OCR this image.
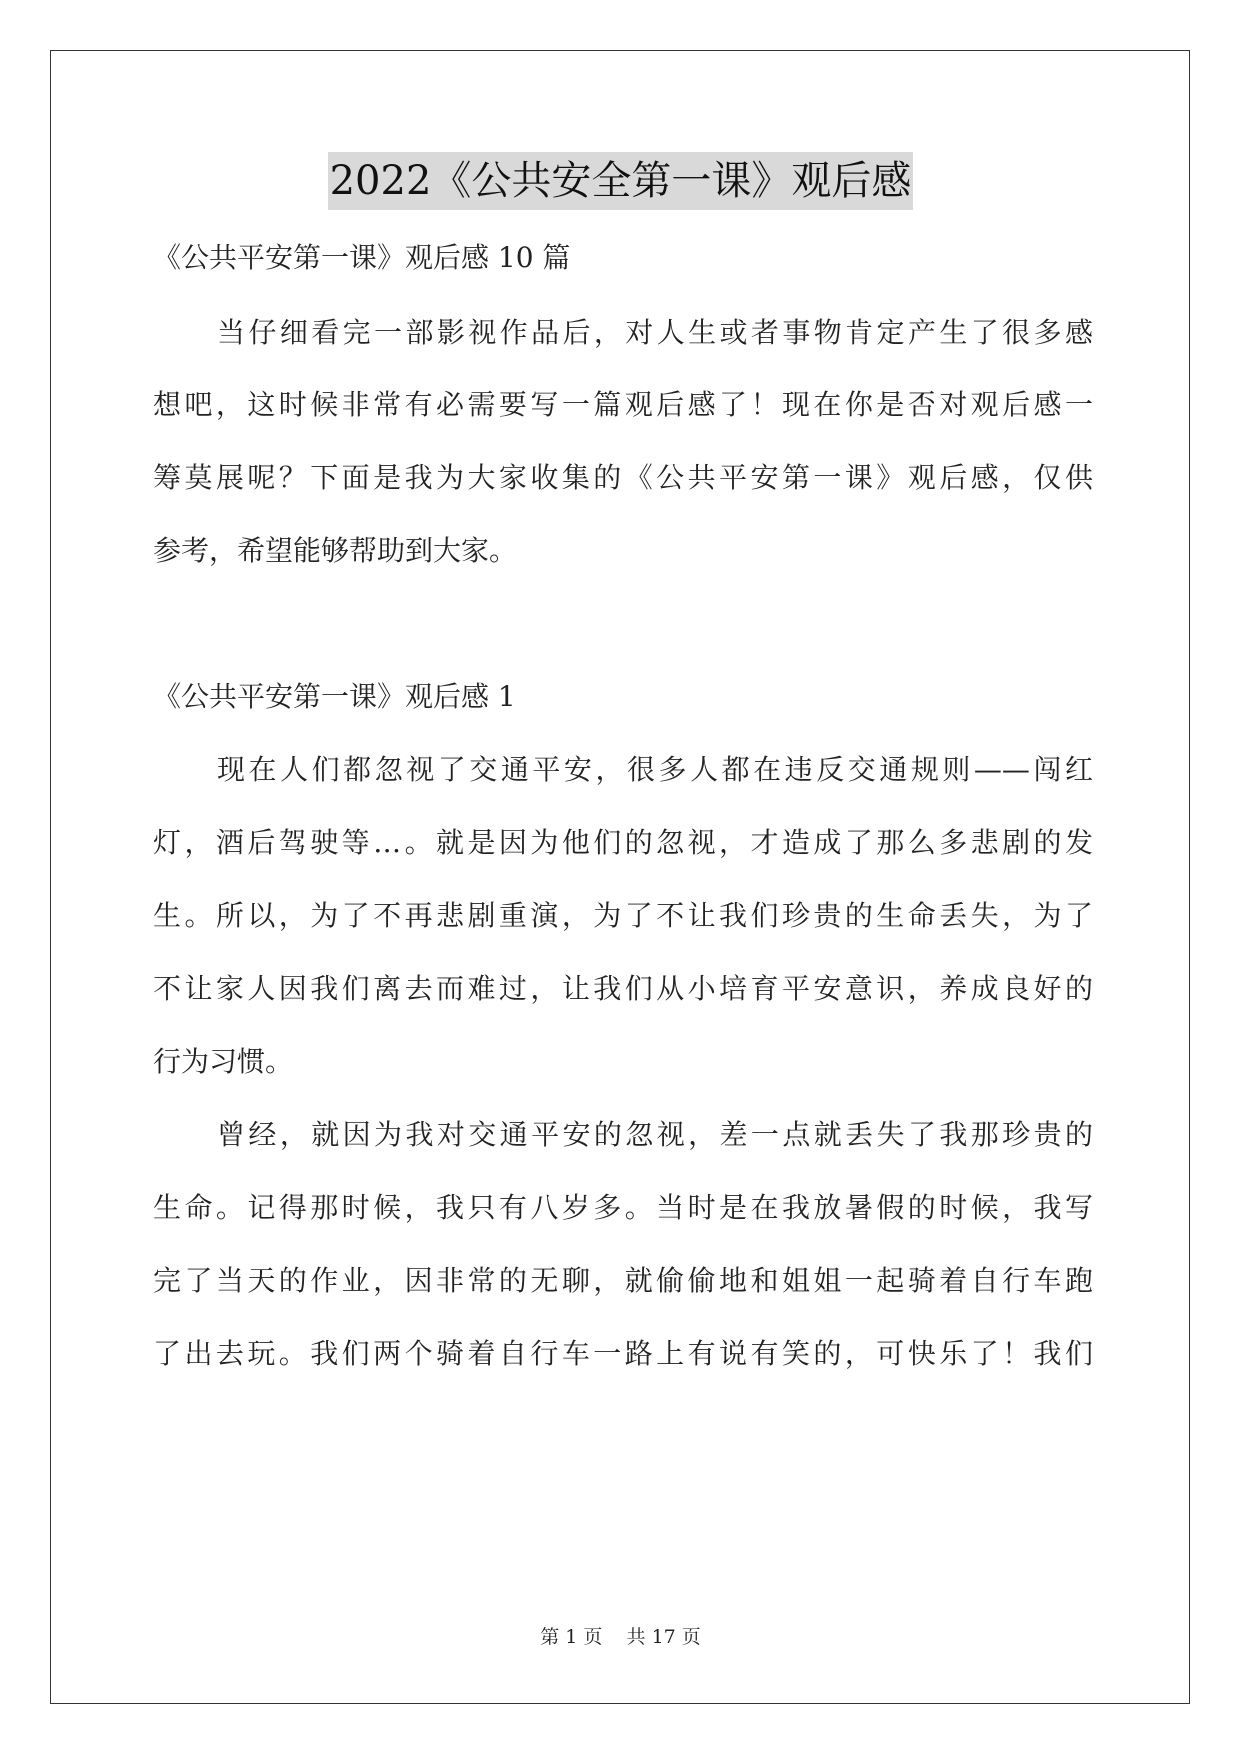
2022《公共安全第一课》观后感
《公共平安第一课》观后感 10 篇
当仔细看完一部影视作品后，对人生或者事物肯定产生了很多感
想吧，这时候非常有必需要写一篇观后感了！现在你是否对观后感一
筹莫展呢？下面是我为大家收集的《公共平安第一课》观后感，仅供
参考，希望能够帮助到大家。
《公共平安第一课》观后感 1
现在人们都忽视了交通平安，很多人都在违反交通规则——闯红
灯，酒后驾驶等…。就是因为他们的忽视，才造成了那么多悲剧的发
生。所以，为了不再悲剧重演，为了不让我们珍贵的生命丢失，为了
不让家人因我们离去而难过，让我们从小培育平安意识，养成良好的
行为习惯。
曾经，就因为我对交通平安的忽视，差一点就丢失了我那珍贵的
生命。记得那时候，我只有八岁多。当时是在我放暑假的时候，我写
完了当天的作业，因非常的无聊，就偷偷地和姐姐一起骑着自行车跑
了出去玩。我们两个骑着自行车一路上有说有笑的，可快乐了！我们
第 1 页    共 17 页
